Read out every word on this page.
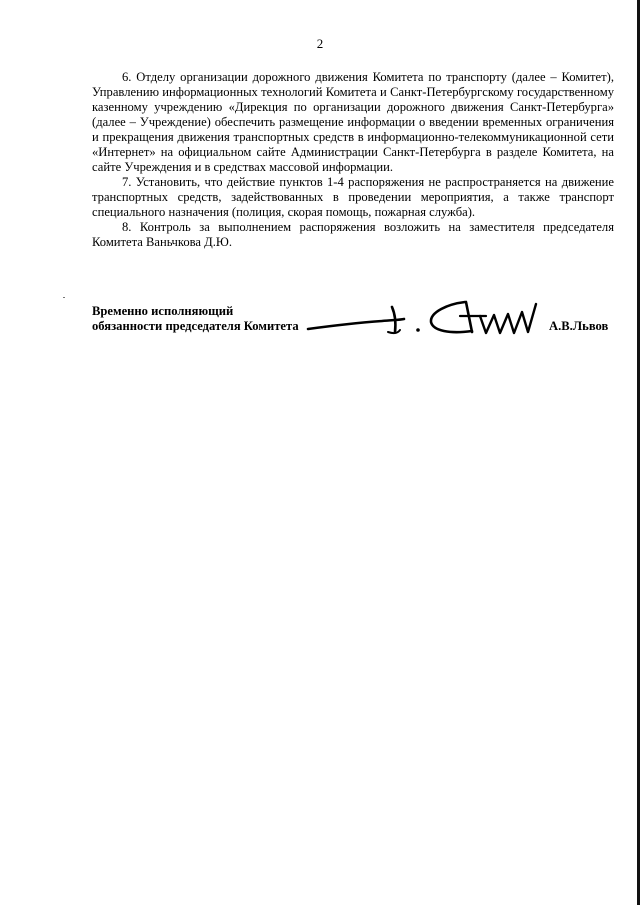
2

6. Отделу организации дорожного движения Комитета по транспорту (далее – Комитет), Управлению информационных технологий Комитета и Санкт-Петербургскому государственному казенному учреждению «Дирекция по организации дорожного движения Санкт-Петербурга» (далее – Учреждение) обеспечить размещение информации о введении временных ограничения и прекращения движения транспортных средств в информационно-телекоммуникационной сети «Интернет» на официальном сайте Администрации Санкт-Петербурга в разделе Комитета, на сайте Учреждения и в средствах массовой информации.

7. Установить, что действие пунктов 1-4 распоряжения не распространяется на движение транспортных средств, задействованных в проведении мероприятия, а также транспорт специального назначения (полиция, скорая помощь, пожарная служба).

8. Контроль за выполнением распоряжения возложить на заместителя председателя Комитета Ваньчкова Д.Ю.

Временно исполняющий
обязанности председателя Комитета	А.В.Львов
